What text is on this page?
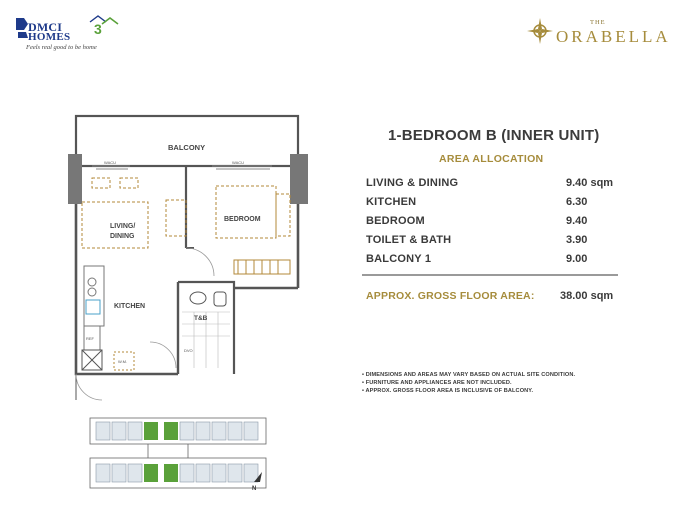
3
DMCI
HOMES
Feels real good to be home
THE
ORABELLA
BALCONY
LIVING/
DINING
BEDROOM
KITCHEN
T&B
WACU	WACU
REF
W.M.
DVO
N
1-BEDROOM B (INNER UNIT)
AREA ALLOCATION
LIVING & DINING	9.40 sqm
KITCHEN	6.30
BEDROOM	9.40
TOILET & BATH	3.90
BALCONY 1	9.00
APPROX. GROSS FLOOR AREA: 38.00 sqm
• DIMENSIONS AND AREAS MAY VARY BASED ON ACTUAL SITE CONDITION.
• FURNITURE AND APPLIANCES ARE NOT INCLUDED.
• APPROX. GROSS FLOOR AREA IS INCLUSIVE OF BALCONY.
